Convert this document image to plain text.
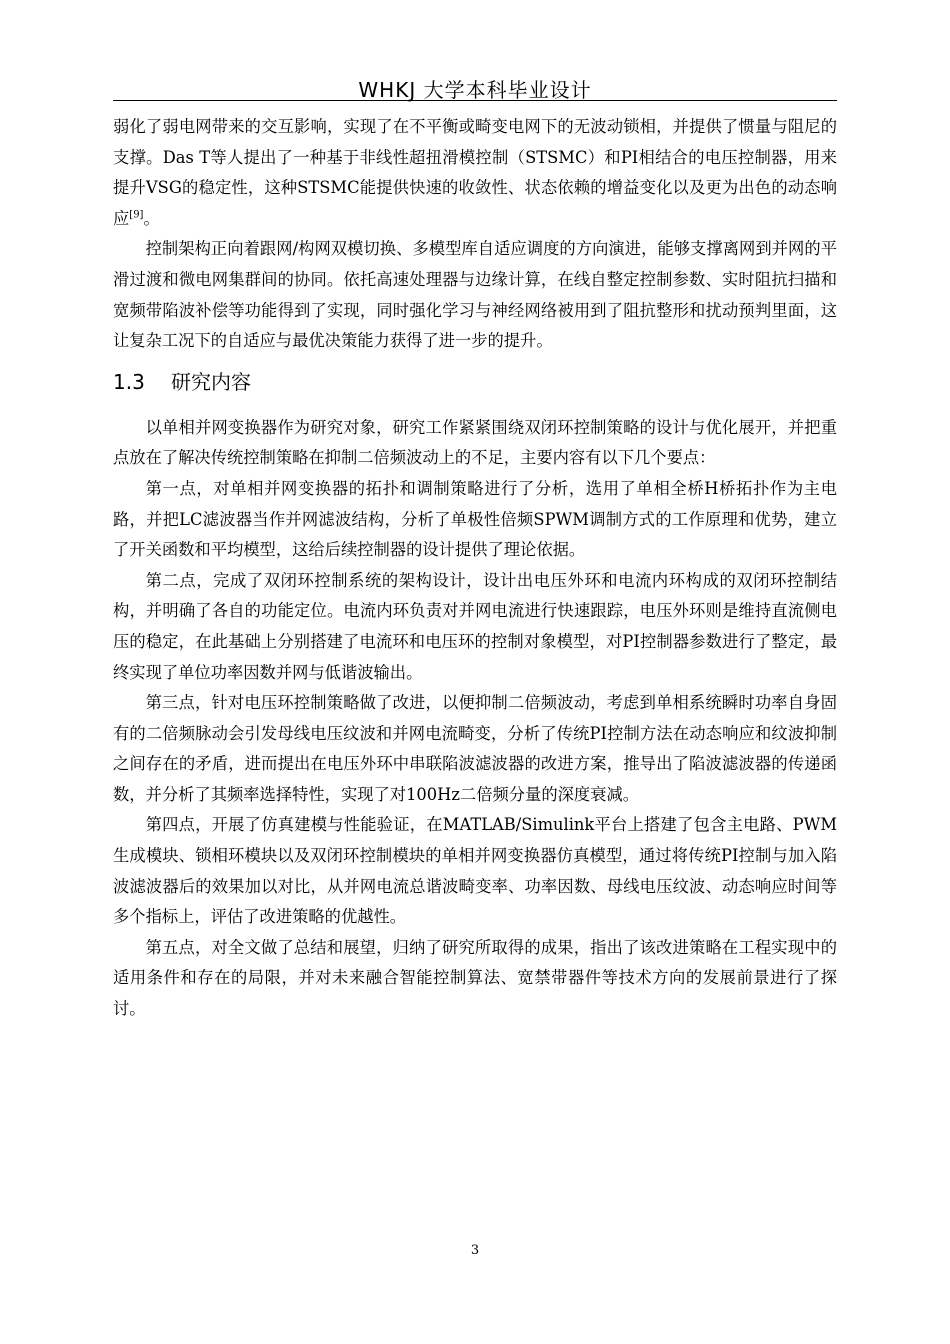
WHKJ 大学本科毕业设计

弱化了弱电网带来的交互影响，实现了在不平衡或畸变电网下的无波动锁相，并提供了惯量与阻尼的支撑。Das T等人提出了一种基于非线性超扭滑模控制（STSMC）和PI相结合的电压控制器，用来提升VSG的稳定性，这种STSMC能提供快速的收敛性、状态依赖的增益变化以及更为出色的动态响应[9]。

控制架构正向着跟网/构网双模切换、多模型库自适应调度的方向演进，能够支撑离网到并网的平滑过渡和微电网集群间的协同。依托高速处理器与边缘计算，在线自整定控制参数、实时阻抗扫描和宽频带陷波补偿等功能得到了实现，同时强化学习与神经网络被用到了阻抗整形和扰动预判里面，这让复杂工况下的自适应与最优决策能力获得了进一步的提升。

1.3 研究内容

以单相并网变换器作为研究对象，研究工作紧紧围绕双闭环控制策略的设计与优化展开，并把重点放在了解决传统控制策略在抑制二倍频波动上的不足，主要内容有以下几个要点：

第一点，对单相并网变换器的拓扑和调制策略进行了分析，选用了单相全桥H桥拓扑作为主电路，并把LC滤波器当作并网滤波结构，分析了单极性倍频SPWM调制方式的工作原理和优势，建立了开关函数和平均模型，这给后续控制器的设计提供了理论依据。

第二点，完成了双闭环控制系统的架构设计，设计出电压外环和电流内环构成的双闭环控制结构，并明确了各自的功能定位。电流内环负责对并网电流进行快速跟踪，电压外环则是维持直流侧电压的稳定，在此基础上分别搭建了电流环和电压环的控制对象模型，对PI控制器参数进行了整定，最终实现了单位功率因数并网与低谐波输出。

第三点，针对电压环控制策略做了改进，以便抑制二倍频波动，考虑到单相系统瞬时功率自身固有的二倍频脉动会引发母线电压纹波和并网电流畸变，分析了传统PI控制方法在动态响应和纹波抑制之间存在的矛盾，进而提出在电压外环中串联陷波滤波器的改进方案，推导出了陷波滤波器的传递函数，并分析了其频率选择特性，实现了对100Hz二倍频分量的深度衰减。

第四点，开展了仿真建模与性能验证，在MATLAB/Simulink平台上搭建了包含主电路、PWM生成模块、锁相环模块以及双闭环控制模块的单相并网变换器仿真模型，通过将传统PI控制与加入陷波滤波器后的效果加以对比，从并网电流总谐波畸变率、功率因数、母线电压纹波、动态响应时间等多个指标上，评估了改进策略的优越性。

第五点，对全文做了总结和展望，归纳了研究所取得的成果，指出了该改进策略在工程实现中的适用条件和存在的局限，并对未来融合智能控制算法、宽禁带器件等技术方向的发展前景进行了探讨。

3
